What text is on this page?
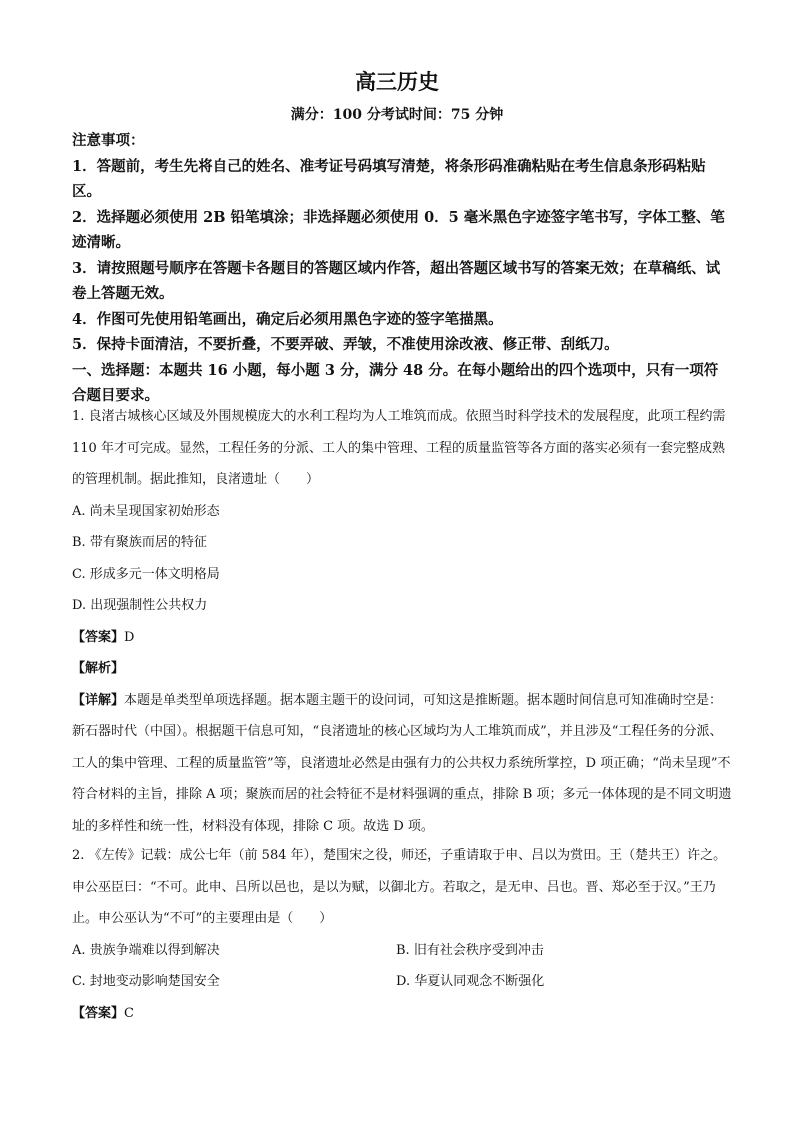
高三历史
满分：100 分考试时间：75 分钟

注意事项：

1．答题前，考生先将自己的姓名、准考证号码填写清楚，将条形码准确粘贴在考生信息条形码粘贴区。

2．选择题必须使用 2B 铅笔填涂；非选择题必须使用 0．5 毫米黑色字迹签字笔书写，字体工整、笔迹清晰。

3．请按照题号顺序在答题卡各题目的答题区域内作答，超出答题区域书写的答案无效；在草稿纸、试卷上答题无效。

4．作图可先使用铅笔画出，确定后必须用黑色字迹的签字笔描黑。

5．保持卡面清洁，不要折叠，不要弄破、弄皱，不准使用涂改液、修正带、刮纸刀。

一、选择题：本题共 16 小题，每小题 3 分，满分 48 分。在每小题给出的四个选项中，只有一项符合题目要求。

1. 良渚古城核心区域及外围规模庞大的水利工程均为人工堆筑而成。依照当时科学技术的发展程度，此项工程约需 110 年才可完成。显然，工程任务的分派、工人的集中管理、工程的质量监管等各方面的落实必须有一套完整成熟的管理机制。据此推知，良渚遗址（　　）

A. 尚未呈现国家初始形态

B. 带有聚族而居的特征

C. 形成多元一体文明格局

D. 出现强制性公共权力

【答案】D

【解析】

【详解】本题是单类型单项选择题。据本题主题干的设问词，可知这是推断题。据本题时间信息可知准确时空是：新石器时代（中国）。根据题干信息可知，“良渚遗址的核心区域均为人工堆筑而成”，并且涉及“工程任务的分派、工人的集中管理、工程的质量监管”等，良渚遗址必然是由强有力的公共权力系统所掌控，D 项正确；“尚未呈现”不符合材料的主旨，排除 A 项；聚族而居的社会特征不是材料强调的重点，排除 B 项；多元一体体现的是不同文明遗址的多样性和统一性，材料没有体现，排除 C 项。故选 D 项。

2. 《左传》记载：成公七年（前 584 年），楚围宋之役，师还，子重请取于申、吕以为赏田。王（楚共王）许之。申公巫臣曰：“不可。此申、吕所以邑也，是以为赋，以御北方。若取之，是无申、吕也。晋、郑必至于汉。”王乃止。申公巫认为“不可”的主要理由是（　　）

A. 贵族争端难以得到解决	B. 旧有社会秩序受到冲击

C. 封地变动影响楚国安全	D. 华夏认同观念不断强化

【答案】C
